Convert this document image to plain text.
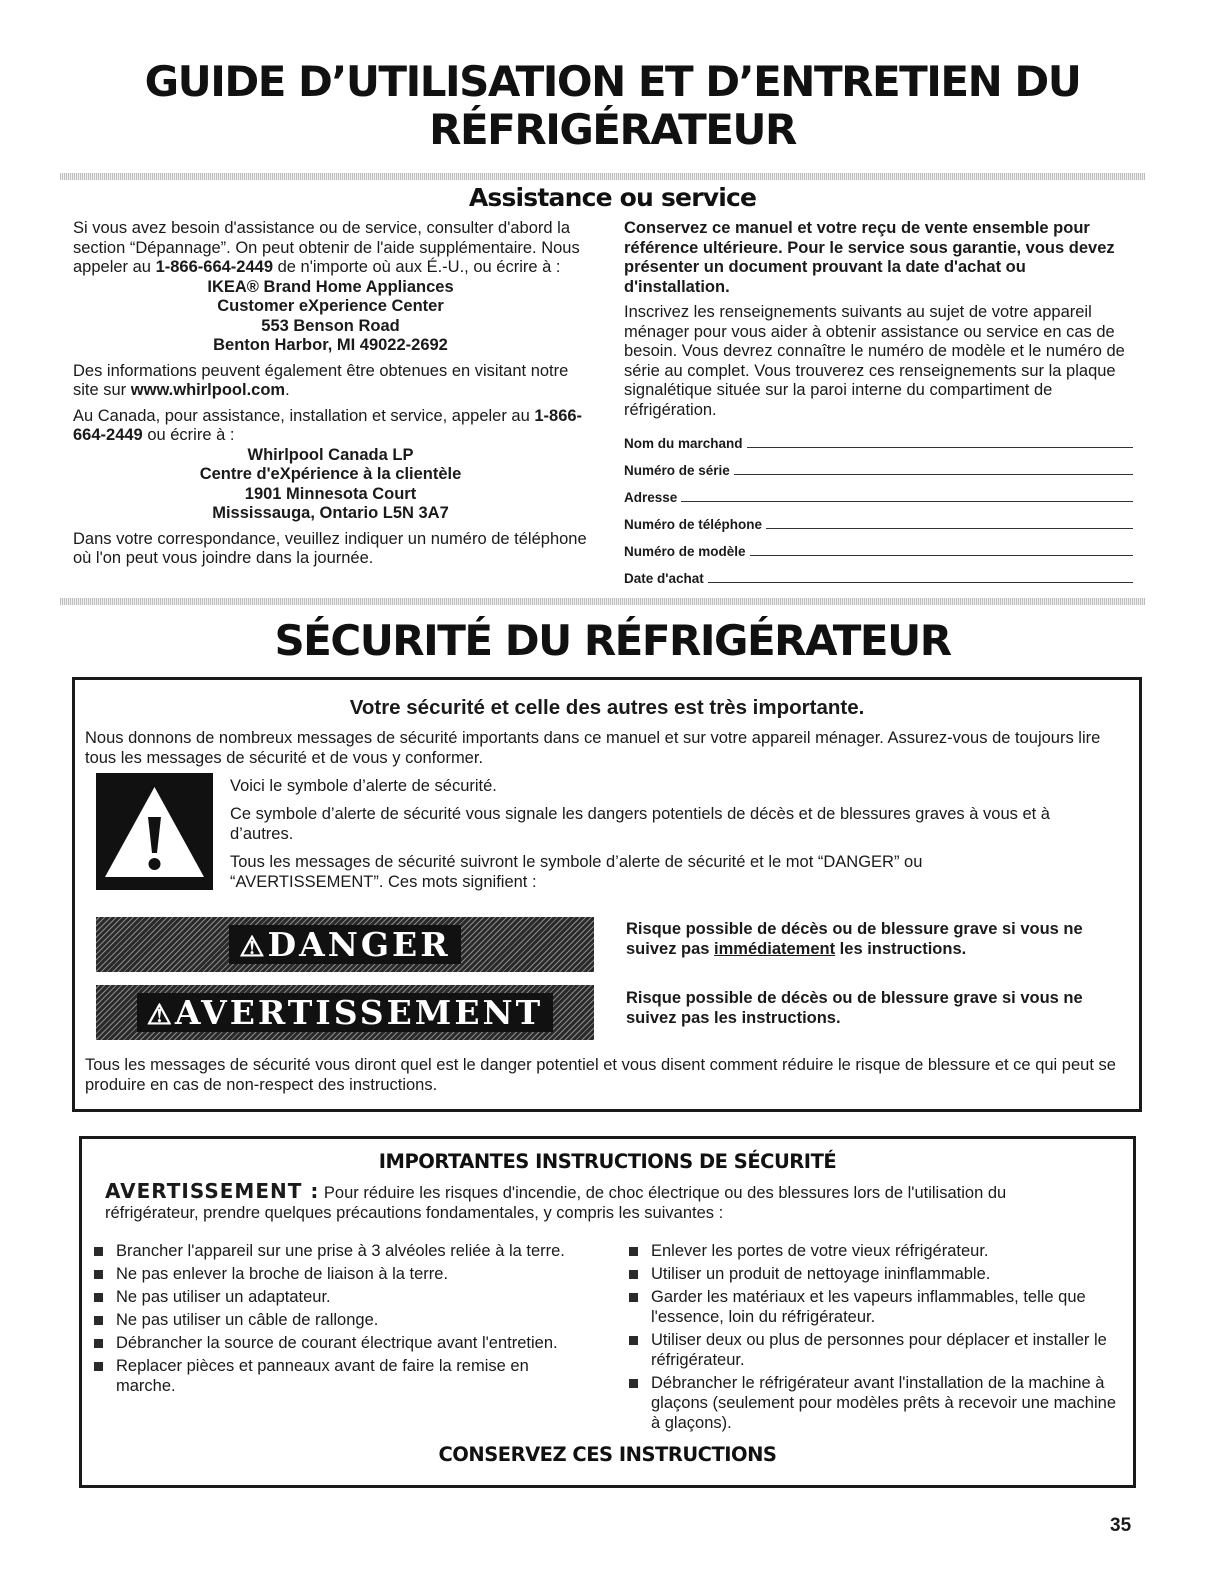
GUIDE D’UTILISATION ET D’ENTRETIEN DU
RÉFRIGÉRATEUR
Assistance ou service
Si vous avez besoin d'assistance ou de service, consulter d'abord la section “Dépannage”. On peut obtenir de l'aide supplémentaire. Nous appeler au 1-866-664-2449 de n'importe où aux É.-U., ou écrire à :
IKEA® Brand Home Appliances
Customer eXperience Center
553 Benson Road
Benton Harbor, MI 49022-2692
Des informations peuvent également être obtenues en visitant notre site sur www.whirlpool.com.
Au Canada, pour assistance, installation et service, appeler au 1-866-664-2449 ou écrire à :
Whirlpool Canada LP
Centre d'eXpérience à la clientèle
1901 Minnesota Court
Mississauga, Ontario L5N 3A7
Dans votre correspondance, veuillez indiquer un numéro de téléphone où l'on peut vous joindre dans la journée.
Conservez ce manuel et votre reçu de vente ensemble pour référence ultérieure. Pour le service sous garantie, vous devez présenter un document prouvant la date d'achat ou d'installation.
Inscrivez les renseignements suivants au sujet de votre appareil ménager pour vous aider à obtenir assistance ou service en cas de besoin. Vous devrez connaître le numéro de modèle et le numéro de série au complet. Vous trouverez ces renseignements sur la plaque signalétique située sur la paroi interne du compartiment de réfrigération.
Nom du marchand
Numéro de série
Adresse
Numéro de téléphone
Numéro de modèle
Date d'achat
SÉCURITÉ DU RÉFRIGÉRATEUR
Votre sécurité et celle des autres est très importante.
Nous donnons de nombreux messages de sécurité importants dans ce manuel et sur votre appareil ménager. Assurez-vous de toujours lire tous les messages de sécurité et de vous y conformer.
Voici le symbole d’alerte de sécurité.
Ce symbole d’alerte de sécurité vous signale les dangers potentiels de décès et de blessures graves à vous et à d’autres.
Tous les messages de sécurité suivront le symbole d’alerte de sécurité et le mot “DANGER” ou “AVERTISSEMENT”. Ces mots signifient :
⚠DANGER	Risque possible de décès ou de blessure grave si vous ne suivez pas immédiatement les instructions.
⚠AVERTISSEMENT	Risque possible de décès ou de blessure grave si vous ne suivez pas les instructions.
Tous les messages de sécurité vous diront quel est le danger potentiel et vous disent comment réduire le risque de blessure et ce qui peut se produire en cas de non-respect des instructions.
IMPORTANTES INSTRUCTIONS DE SÉCURITÉ
AVERTISSEMENT : Pour réduire les risques d'incendie, de choc électrique ou des blessures lors de l'utilisation du réfrigérateur, prendre quelques précautions fondamentales, y compris les suivantes :
Brancher l'appareil sur une prise à 3 alvéoles reliée à la terre.
Ne pas enlever la broche de liaison à la terre.
Ne pas utiliser un adaptateur.
Ne pas utiliser un câble de rallonge.
Débrancher la source de courant électrique avant l'entretien.
Replacer pièces et panneaux avant de faire la remise en marche.
Enlever les portes de votre vieux réfrigérateur.
Utiliser un produit de nettoyage ininflammable.
Garder les matériaux et les vapeurs inflammables, telle que l'essence, loin du réfrigérateur.
Utiliser deux ou plus de personnes pour déplacer et installer le réfrigérateur.
Débrancher le réfrigérateur avant l'installation de la machine à glaçons (seulement pour modèles prêts à recevoir une machine à glaçons).
CONSERVEZ CES INSTRUCTIONS
35
